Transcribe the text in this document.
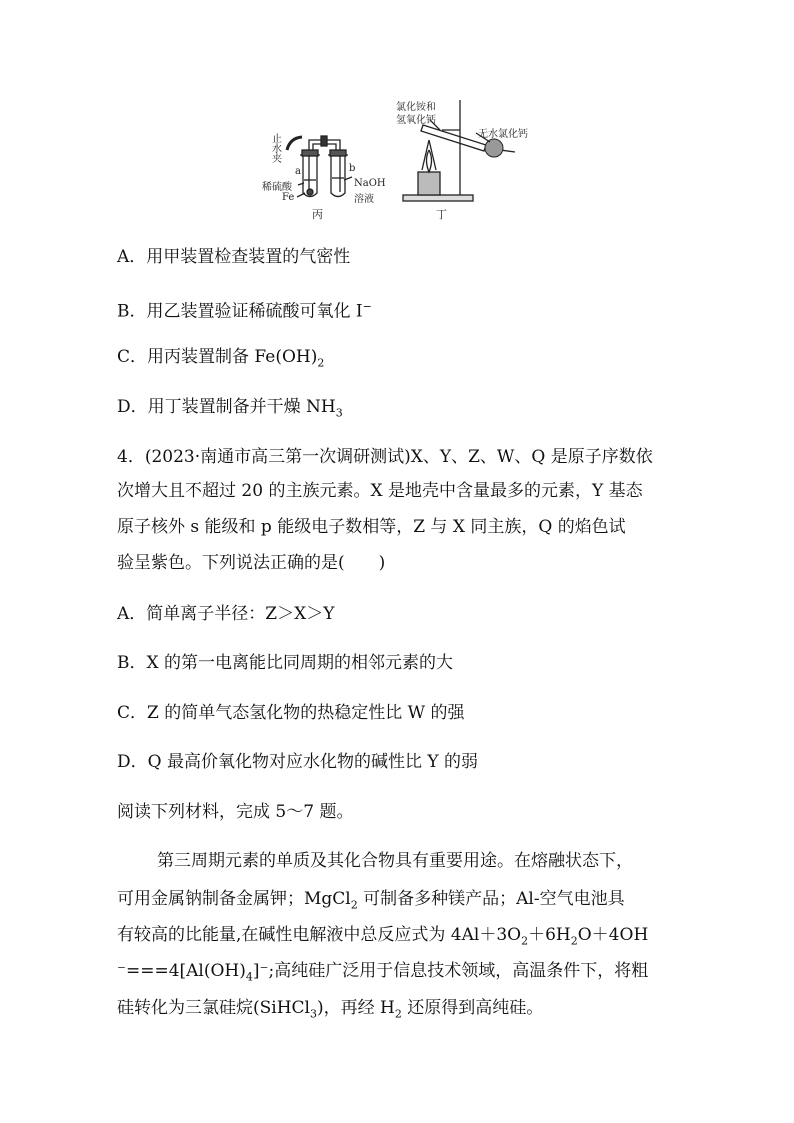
止
水
夹
a	b
稀硫酸
Fe
NaOH
溶液
丙
氯化铵和
氢氧化钙
无水氯化钙
丁
A．用甲装置检查装置的气密性
B．用乙装置验证稀硫酸可氧化 I−
C．用丙装置制备 $Fe(OH)_2$
D．用丁装置制备并干燥 $NH_3$
4．(2023·南通市高三第一次调研测试)X、Y、Z、W、Q 是原子序数依
次增大且不超过 20 的主族元素。X 是地壳中含量最多的元素，Y 基态
原子核外 s 能级和 p 能级电子数相等，Z 与 X 同主族，Q 的焰色试
验呈紫色。下列说法正确的是(　　)
A．简单离子半径：Z＞X＞Y
B．X 的第一电离能比同周期的相邻元素的大
C．Z 的简单气态氢化物的热稳定性比 W 的强
D．Q 最高价氧化物对应水化物的碱性比 Y 的弱
阅读下列材料，完成 5～7 题。
第三周期元素的单质及其化合物具有重要用途。在熔融状态下，
可用金属钠制备金属钾；MgCl$_2$ 可制备多种镁产品；Al-空气电池具
有较高的比能量,在碱性电解液中总反应式为 $4Al+3O_2+6H_2O+4OH$
$^-===4[Al(OH)_4]^-$;高纯硅广泛用于信息技术领域，高温条件下，将粗
硅转化为三氯硅烷(SiHCl$_3$)，再经 $H_2$ 还原得到高纯硅。
